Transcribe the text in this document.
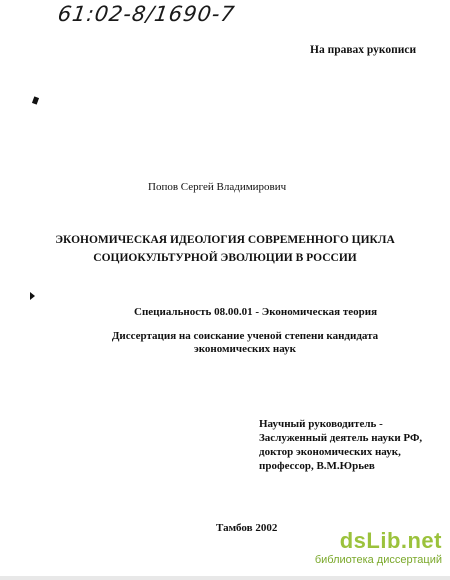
61:02-8/1690-7
На правах рукописи
Попов Сергей Владимирович
ЭКОНОМИЧЕСКАЯ ИДЕОЛОГИЯ СОВРЕМЕННОГО ЦИКЛА
СОЦИОКУЛЬТУРНОЙ ЭВОЛЮЦИИ В РОССИИ
Специальность 08.00.01 - Экономическая теория
Диссертация на соискание ученой степени кандидата
экономических наук
Научный руководитель -
Заслуженный деятель науки РФ,
доктор экономических наук,
профессор, В.М.Юрьев
Тамбов 2002	dsLib.net
библиотека диссертаций
